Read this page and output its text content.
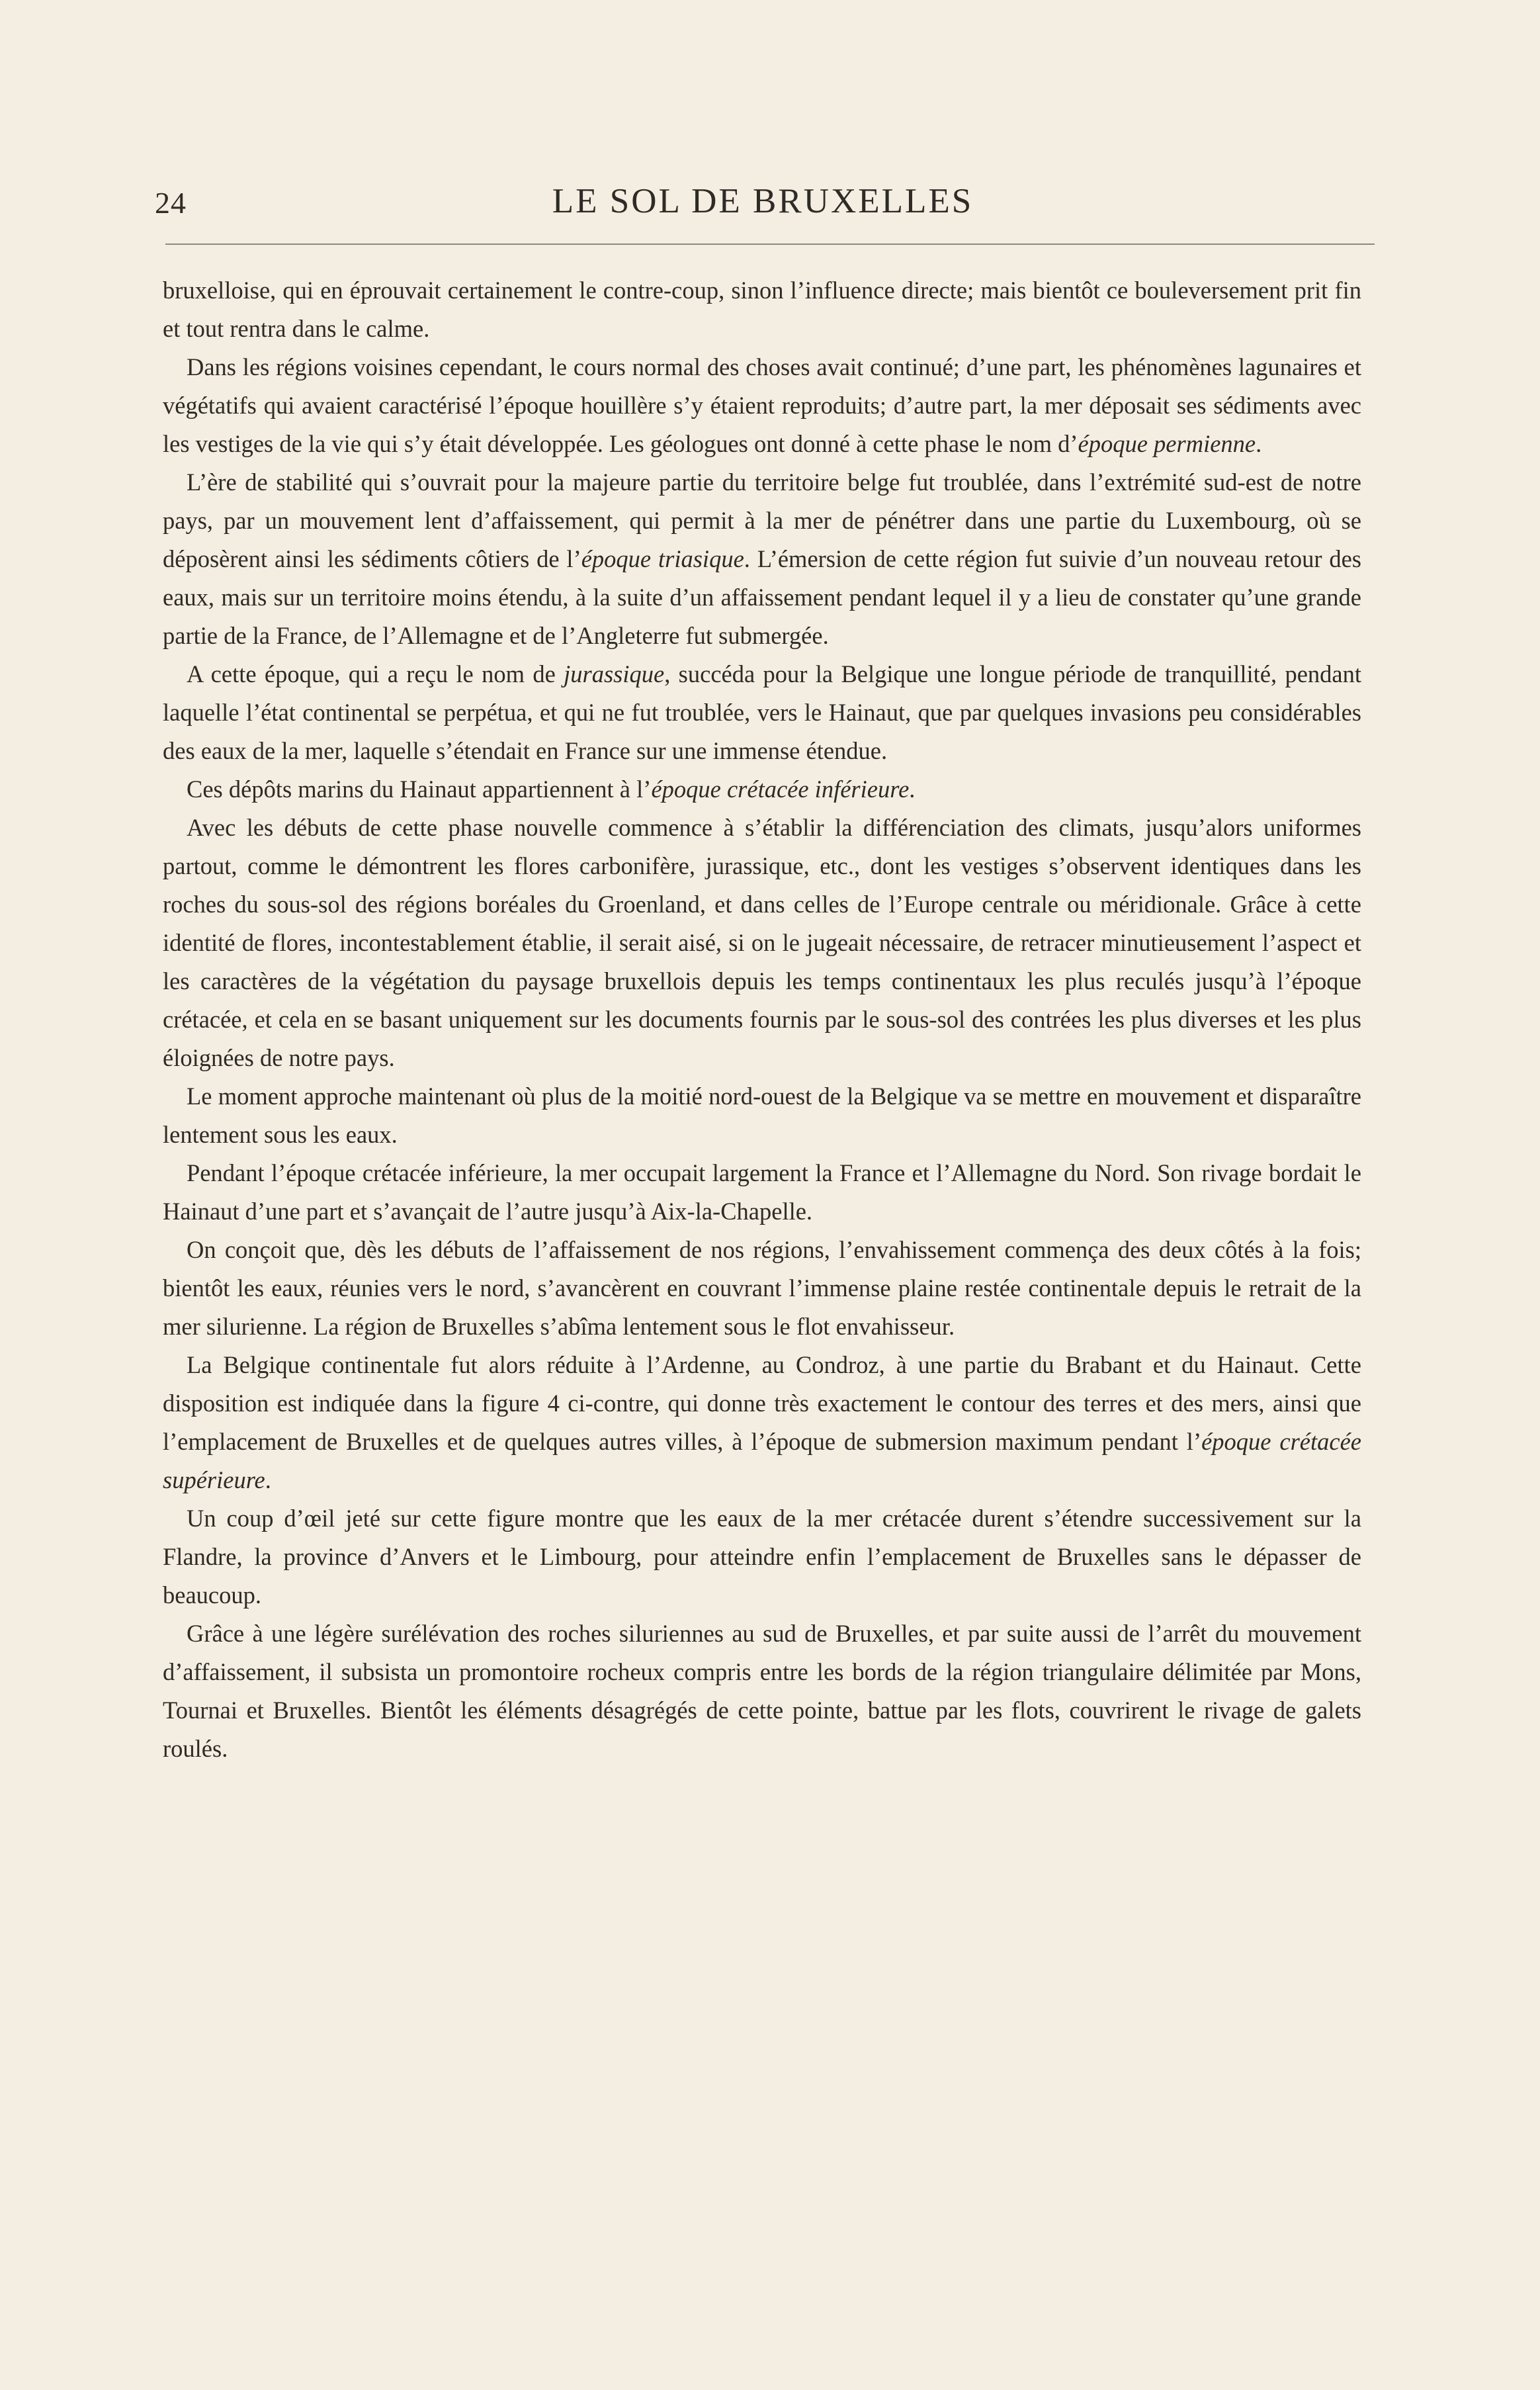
24	LE SOL DE BRUXELLES

bruxelloise, qui en éprouvait certainement le contre-coup, sinon l’influence directe; mais bientôt ce bouleversement prit fin et tout rentra dans le calme.

Dans les régions voisines cependant, le cours normal des choses avait continué; d’une part, les phénomènes lagunaires et végétatifs qui avaient caractérisé l’époque houillère s’y étaient reproduits; d’autre part, la mer déposait ses sédiments avec les vestiges de la vie qui s’y était développée. Les géologues ont donné à cette phase le nom d’époque permienne.

L’ère de stabilité qui s’ouvrait pour la majeure partie du territoire belge fut troublée, dans l’extrémité sud-est de notre pays, par un mouvement lent d’affaissement, qui permit à la mer de pénétrer dans une partie du Luxembourg, où se déposèrent ainsi les sédiments côtiers de l’époque triasique. L’émersion de cette région fut suivie d’un nouveau retour des eaux, mais sur un territoire moins étendu, à la suite d’un affaissement pendant lequel il y a lieu de constater qu’une grande partie de la France, de l’Allemagne et de l’Angleterre fut submergée.

A cette époque, qui a reçu le nom de jurassique, succéda pour la Belgique une longue période de tranquillité, pendant laquelle l’état continental se perpétua, et qui ne fut troublée, vers le Hainaut, que par quelques invasions peu considérables des eaux de la mer, laquelle s’étendait en France sur une immense étendue.

Ces dépôts marins du Hainaut appartiennent à l’époque crétacée inférieure.

Avec les débuts de cette phase nouvelle commence à s’établir la différenciation des climats, jusqu’alors uniformes partout, comme le démontrent les flores carbonifère, jurassique, etc., dont les vestiges s’observent identiques dans les roches du sous-sol des régions boréales du Groenland, et dans celles de l’Europe centrale ou méridionale. Grâce à cette identité de flores, incontestablement établie, il serait aisé, si on le jugeait nécessaire, de retracer minutieusement l’aspect et les caractères de la végétation du paysage bruxellois depuis les temps continentaux les plus reculés jusqu’à l’époque crétacée, et cela en se basant uniquement sur les documents fournis par le sous-sol des contrées les plus diverses et les plus éloignées de notre pays.

Le moment approche maintenant où plus de la moitié nord-ouest de la Belgique va se mettre en mouvement et disparaître lentement sous les eaux.

Pendant l’époque crétacée inférieure, la mer occupait largement la France et l’Allemagne du Nord. Son rivage bordait le Hainaut d’une part et s’avançait de l’autre jusqu’à Aix-la-Chapelle.

On conçoit que, dès les débuts de l’affaissement de nos régions, l’envahissement commença des deux côtés à la fois; bientôt les eaux, réunies vers le nord, s’avancèrent en couvrant l’immense plaine restée continentale depuis le retrait de la mer silurienne. La région de Bruxelles s’abîma lentement sous le flot envahisseur.

La Belgique continentale fut alors réduite à l’Ardenne, au Condroz, à une partie du Brabant et du Hainaut. Cette disposition est indiquée dans la figure 4 ci-contre, qui donne très exactement le contour des terres et des mers, ainsi que l’emplacement de Bruxelles et de quelques autres villes, à l’époque de submersion maximum pendant l’époque crétacée supérieure.

Un coup d’œil jeté sur cette figure montre que les eaux de la mer crétacée durent s’étendre successivement sur la Flandre, la province d’Anvers et le Limbourg, pour atteindre enfin l’emplacement de Bruxelles sans le dépasser de beaucoup.

Grâce à une légère surélévation des roches siluriennes au sud de Bruxelles, et par suite aussi de l’arrêt du mouvement d’affaissement, il subsista un promontoire rocheux compris entre les bords de la région triangulaire délimitée par Mons, Tournai et Bruxelles. Bientôt les éléments désagrégés de cette pointe, battue par les flots, couvrirent le rivage de galets roulés.
